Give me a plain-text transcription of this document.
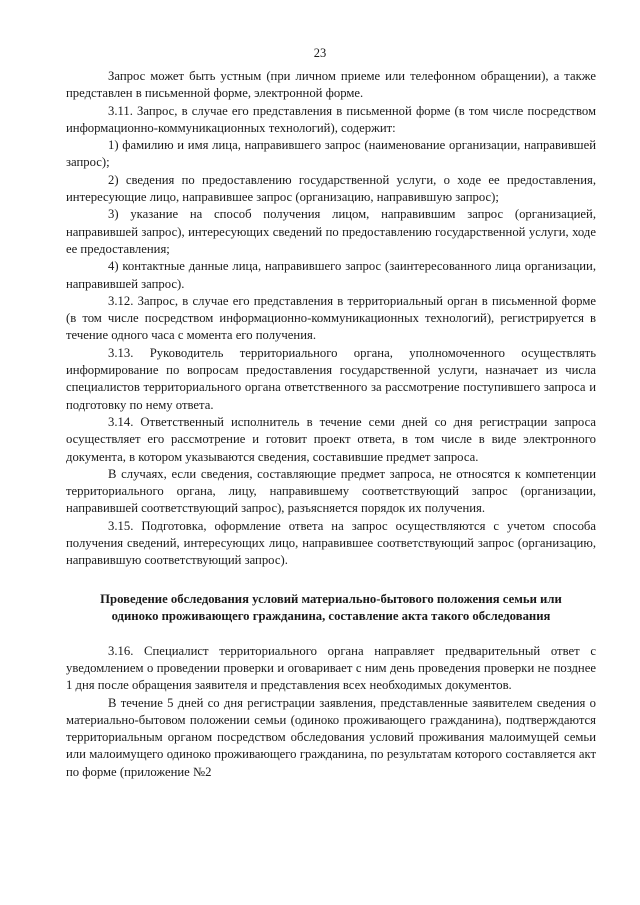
23

Запрос может быть устным (при личном приеме или телефонном обращении), а также представлен в письменной форме, электронной форме.

3.11. Запрос, в случае его представления в письменной форме (в том числе посредством информационно-коммуникационных технологий), содержит:

1) фамилию и имя лица, направившего запрос (наименование организации, направившей запрос);

2) сведения по предоставлению государственной услуги, о ходе ее предоставления, интересующие лицо, направившее запрос (организацию, направившую запрос);

3) указание на способ получения лицом, направившим запрос (организацией, направившей запрос), интересующих сведений по предоставлению государственной услуги, ходе ее предоставления;

4) контактные данные лица, направившего запрос (заинтересованного лица организации, направившей запрос).

3.12. Запрос, в случае его представления в территориальный орган в письменной форме (в том числе посредством информационно-коммуникационных технологий), регистрируется в течение одного часа с момента его получения.

3.13. Руководитель территориального органа, уполномоченного осуществлять информирование по вопросам предоставления государственной услуги, назначает из числа специалистов территориального органа ответственного за рассмотрение поступившего запроса и подготовку по нему ответа.

3.14. Ответственный исполнитель в течение семи дней со дня регистрации запроса осуществляет его рассмотрение и готовит проект ответа, в том числе в виде электронного документа, в котором указываются сведения, составившие предмет запроса.

В случаях, если сведения, составляющие предмет запроса, не относятся к компетенции территориального органа, лицу, направившему соответствующий запрос (организации, направившей соответствующий запрос), разъясняется порядок их получения.

3.15. Подготовка, оформление ответа на запрос осуществляются с учетом способа получения сведений, интересующих лицо, направившее соответствующий запрос (организацию, направившую соответствующий запрос).

Проведение обследования условий материально-бытового положения семьи или одиноко проживающего гражданина, составление акта такого обследования

3.16. Специалист территориального органа направляет предварительный ответ с уведомлением о проведении проверки и оговаривает с ним день проведения проверки не позднее 1 дня после обращения заявителя и представления всех необходимых документов.

В течение 5 дней со дня регистрации заявления, представленные заявителем сведения о материально-бытовом положении семьи (одиноко проживающего гражданина), подтверждаются территориальным органом посредством обследования условий проживания малоимущей семьи или малоимущего одиноко проживающего гражданина, по результатам которого составляется акт по форме (приложение №2
